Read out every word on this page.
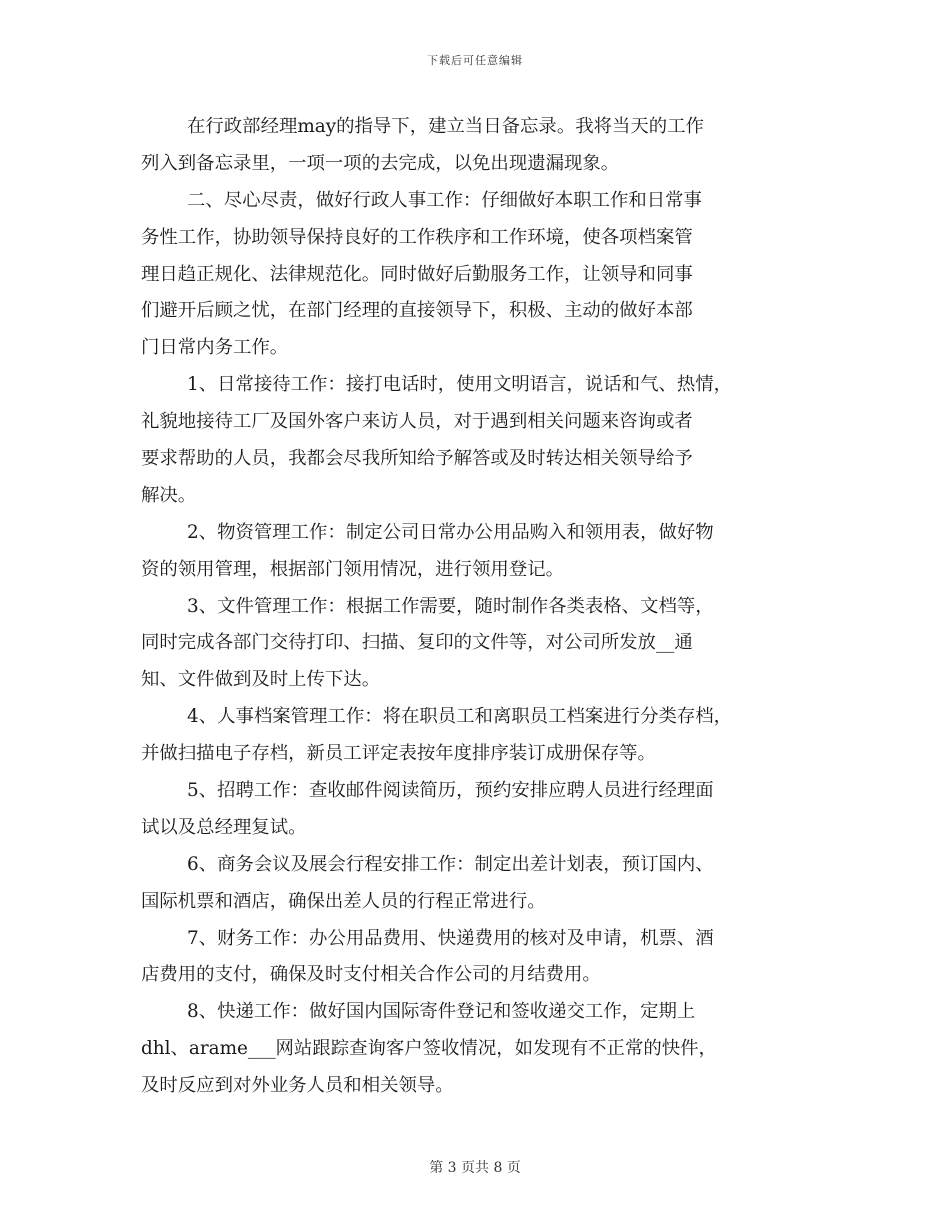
下载后可任意编辑
在行政部经理may的指导下，建立当日备忘录。我将当天的工作
列入到备忘录里，一项一项的去完成，以免出现遗漏现象。
二、尽心尽责，做好行政人事工作：仔细做好本职工作和日常事
务性工作，协助领导保持良好的工作秩序和工作环境，使各项档案管
理日趋正规化、法律规范化。同时做好后勤服务工作，让领导和同事
们避开后顾之忧，在部门经理的直接领导下，积极、主动的做好本部
门日常内务工作。
1、日常接待工作：接打电话时，使用文明语言，说话和气、热情，
礼貌地接待工厂及国外客户来访人员，对于遇到相关问题来咨询或者
要求帮助的人员，我都会尽我所知给予解答或及时转达相关领导给予
解决。
2、物资管理工作：制定公司日常办公用品购入和领用表，做好物
资的领用管理，根据部门领用情况，进行领用登记。
3、文件管理工作：根据工作需要，随时制作各类表格、文档等，
同时完成各部门交待打印、扫描、复印的文件等，对公司所发放__通
知、文件做到及时上传下达。
4、人事档案管理工作：将在职员工和离职员工档案进行分类存档，
并做扫描电子存档，新员工评定表按年度排序装订成册保存等。
5、招聘工作：查收邮件阅读简历，预约安排应聘人员进行经理面
试以及总经理复试。
6、商务会议及展会行程安排工作：制定出差计划表，预订国内、
国际机票和酒店，确保出差人员的行程正常进行。
7、财务工作：办公用品费用、快递费用的核对及申请，机票、酒
店费用的支付，确保及时支付相关合作公司的月结费用。
8、快递工作：做好国内国际寄件登记和签收递交工作，定期上
dhl、arame___网站跟踪查询客户签收情况，如发现有不正常的快件，
及时反应到对外业务人员和相关领导。
第 3 页共 8 页
